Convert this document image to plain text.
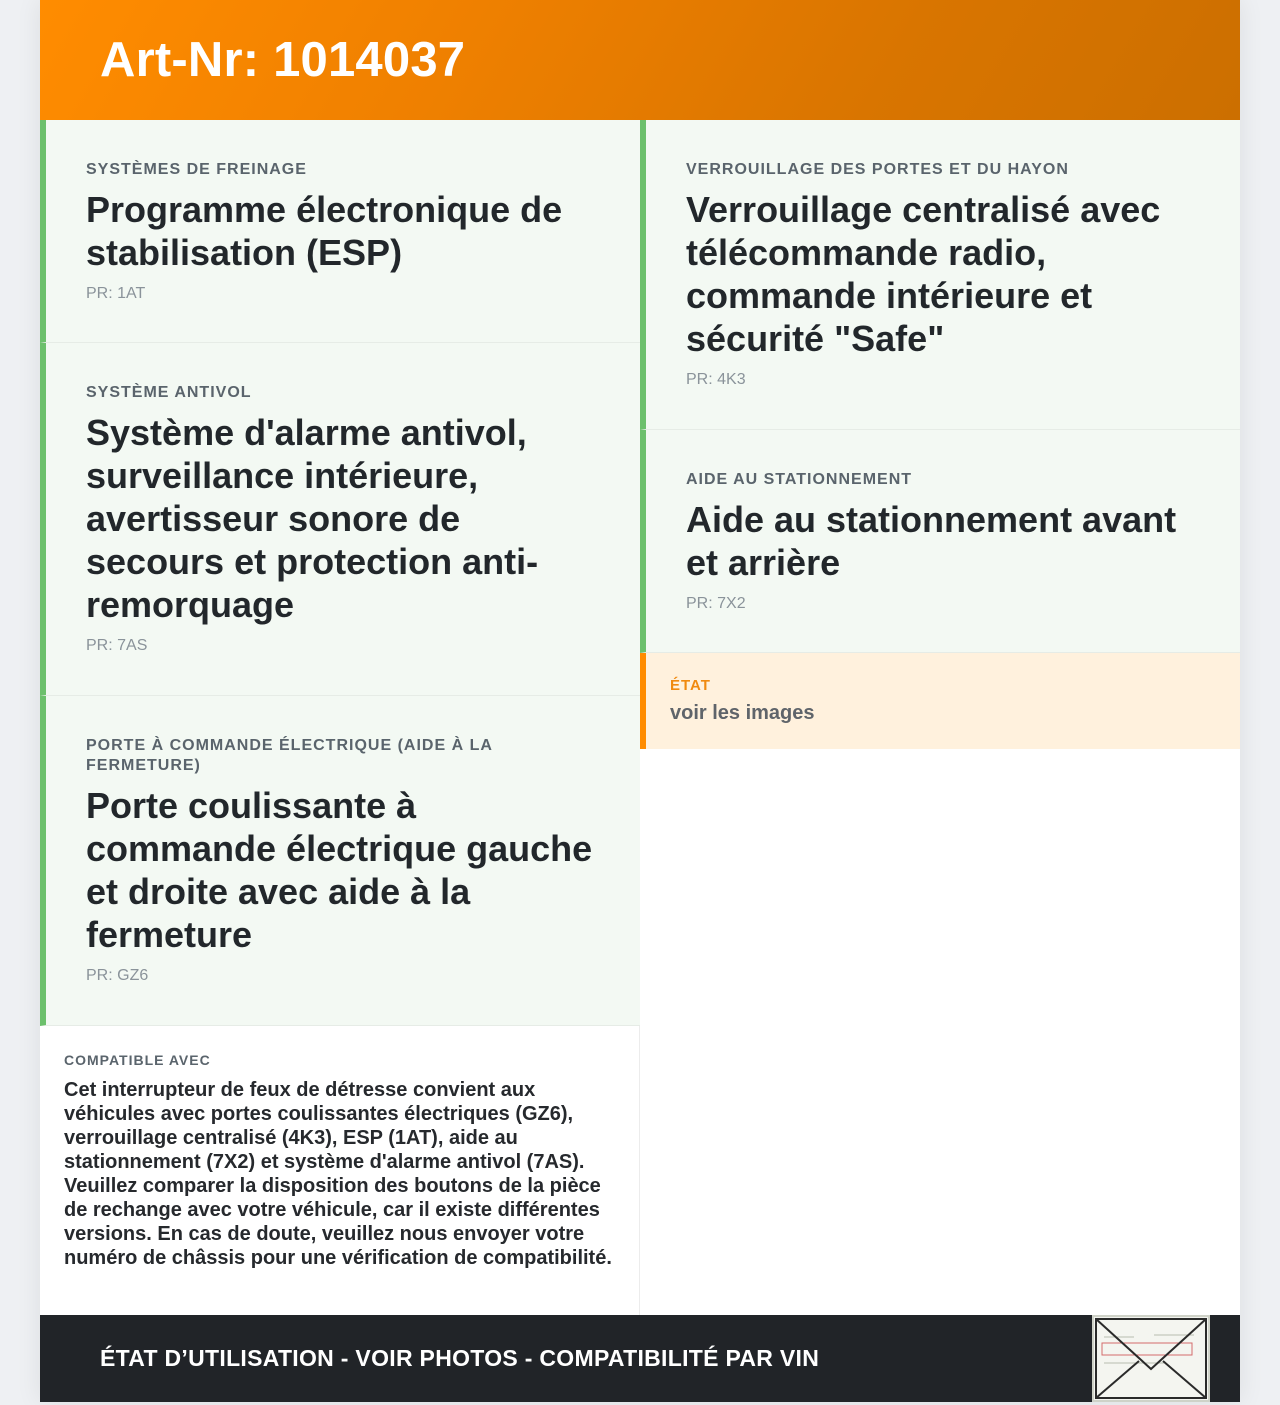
Art-Nr: 1014037
SYSTÈMES DE FREINAGE
Programme électronique de stabilisation (ESP)
PR: 1AT
SYSTÈME ANTIVOL
Système d'alarme antivol, surveillance intérieure, avertisseur sonore de secours et protection anti-remorquage
PR: 7AS
PORTE À COMMANDE ÉLECTRIQUE (AIDE À LA FERMETURE)
Porte coulissante à commande électrique gauche et droite avec aide à la fermeture
PR: GZ6
COMPATIBLE AVEC
Cet interrupteur de feux de détresse convient aux véhicules avec portes coulissantes électriques (GZ6), verrouillage centralisé (4K3), ESP (1AT), aide au stationnement (7X2) et système d'alarme antivol (7AS). Veuillez comparer la disposition des boutons de la pièce de rechange avec votre véhicule, car il existe différentes versions. En cas de doute, veuillez nous envoyer votre numéro de châssis pour une vérification de compatibilité.
VERROUILLAGE DES PORTES ET DU HAYON
Verrouillage centralisé avec télécommande radio, commande intérieure et sécurité "Safe"
PR: 4K3
AIDE AU STATIONNEMENT
Aide au stationnement avant et arrière
PR: 7X2
ÉTAT
voir les images
ÉTAT D’UTILISATION - VOIR PHOTOS - COMPATIBILITÉ PAR VIN
